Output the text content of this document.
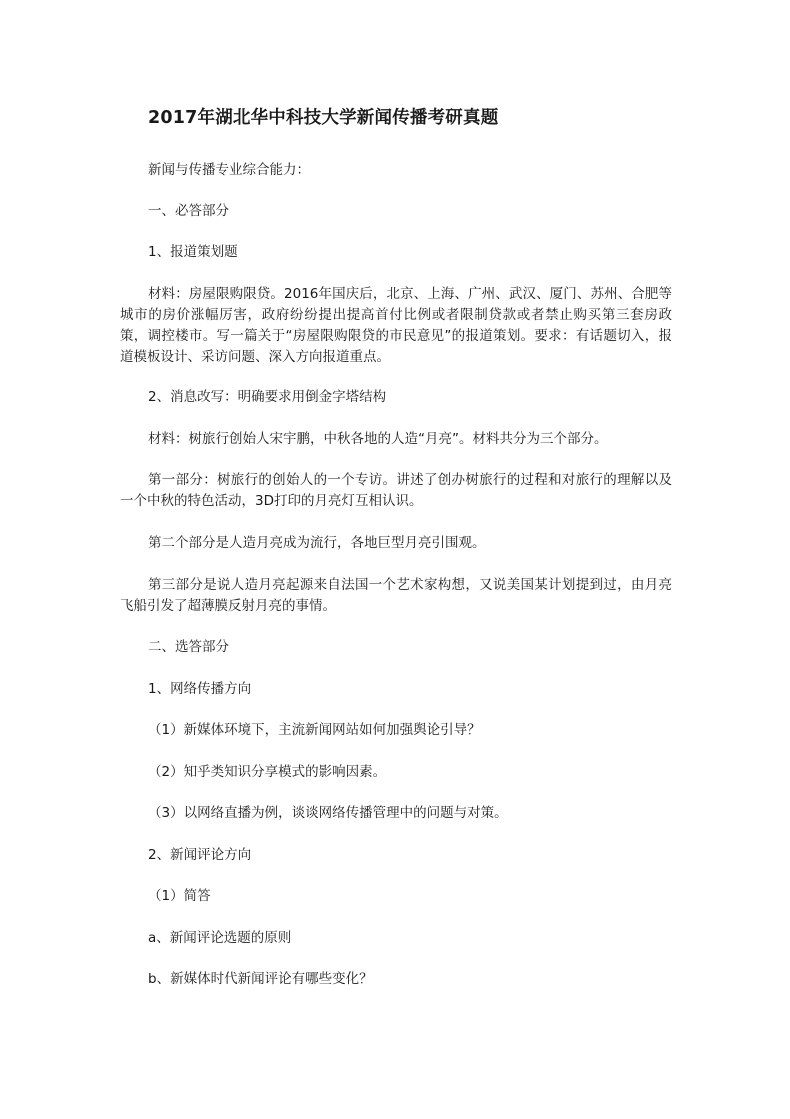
2017年湖北华中科技大学新闻传播考研真题

新闻与传播专业综合能力：

一、必答部分

1、报道策划题

材料：房屋限购限贷。2016年国庆后，北京、上海、广州、武汉、厦门、苏州、合肥等城市的房价涨幅厉害，政府纷纷提出提高首付比例或者限制贷款或者禁止购买第三套房政策，调控楼市。写一篇关于“房屋限购限贷的市民意见”的报道策划。要求：有话题切入，报道模板设计、采访问题、深入方向报道重点。

2、消息改写：明确要求用倒金字塔结构

材料：树旅行创始人宋宇鹏，中秋各地的人造“月亮”。材料共分为三个部分。

第一部分：树旅行的创始人的一个专访。讲述了创办树旅行的过程和对旅行的理解以及一个中秋的特色活动，3D打印的月亮灯互相认识。

第二个部分是人造月亮成为流行，各地巨型月亮引围观。

第三部分是说人造月亮起源来自法国一个艺术家构想，又说美国某计划提到过，由月亮飞船引发了超薄膜反射月亮的事情。

二、选答部分

1、网络传播方向

（1）新媒体环境下，主流新闻网站如何加强舆论引导？

（2）知乎类知识分享模式的影响因素。

（3）以网络直播为例，谈谈网络传播管理中的问题与对策。

2、新闻评论方向

（1）简答

a、新闻评论选题的原则

b、新媒体时代新闻评论有哪些变化？
